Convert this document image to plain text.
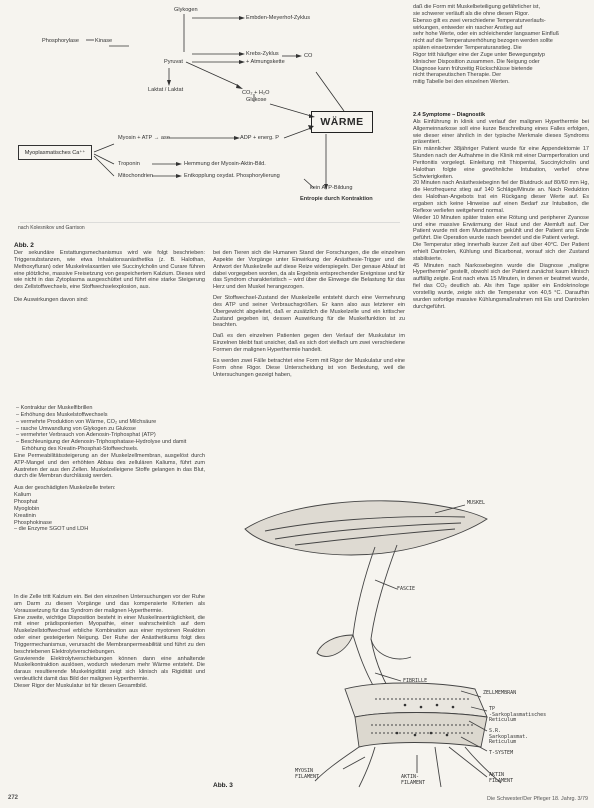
Glykogen
Phosphorylase	Kinase
Embden-Meyerhof-Zyklus
Pyruvat
Krebs-Zyklus
+ Atmungskette
CO
Laktat / Laktat	CO₂ + H₂O
Glukose
WÄRME
Myosin + ATP → ase	ADP + energ. P
Myoplasmatisches Ca⁺⁺
Troponin	Hemmung der Myosin-Aktin-Bild.
Mitochondrien	Entkopplung oxydat. Phosphorylierung
kein ATP-Bildung
Entropie durch Kontraktion
nach Kolesnikov und Garrison
Abb. 2

daß die Form mit Muskelbeteiligung gefährlicher ist,

sie schwerer verläuft als die ohne diesen Rigor.

Ebenso gilt es zwei verschiedene Temperaturverlaufs-

wirkungen, entweder ein rascher Anstieg auf

sehr hohe Werte, oder ein schleichender langsamer Einfluß

nicht auf die Temperaturerhöhung bezogen werden sollte

späten einsetzender Temperaturanstieg. Die

Rigor tritt häufiger eine der Zuge unter Bewegungstyp

klinischer Disposition zusammen. Die Neigung oder

Diagnose kann frühzeitig Rückschlüsse bietende

nicht therapeutischen Therapie. Der

mitig Tabelle bei den einzelnen Werten.

2.4 Symptome – Diagnostik

Als Einführung in klinik und verlauf der malignen Hyperthermie bei Allgemeinnarkose soll eine kurze Beschreibung eines Falles erfolgen, wie dieser einer ähnlich in der typische Merkmale dieses Syndroms präsentiert.

Ein männlicher 38jähriger Patient wurde für eine Appendektomie 17 Stunden nach der Aufnahme in die Klinik mit einer Darmperforation und Peritonitis vorgelegt. Einleitung mit Thiopental, Succinylcholin und Halothan folgte eine gewöhnliche Intubation, verlief ohne Schwierigkeiten.

20 Minuten nach Anästhesiebeginn fiel der Blutdruck auf 80/60 mm Hg, die Herzfrequenz stieg auf 140 Schläge/Minute an. Nach Reduktion des Halothan-Angebots trat ein Rückgang dieser Werte auf. Es ergaben sich keine Hinweise auf einen Bedarf zur Intubation, die Reflexe verliefen weitgehend normal.

Wieder 10 Minuten später traten eine Rötung und peripherer Zyanose und eine massive Erwärmung der Haut und der Atemluft auf. Der Patient wurde mit dem Mundatmen gekühlt und der Patient ans Ende geführt. Die Operation wurde rasch beendet und die Patient verlegt.

Die Temperatur stieg innerhalb kurzer Zeit auf über 40°C. Der Patient erhielt Dantrolen, Kühlung und Bicarbonat, worauf sich der Zustand stabilisierte.

45 Minuten nach Narkosebeginn wurde die Diagnose „maligne Hyperthermie“ gestellt, obwohl sich der Patient zunächst kaum klinisch auffällig zeigte. Erst nach etwa 15 Minuten, in denen er beatmet wurde, fiel das CO₂ deutlich ab. Als ihm Tage später ein Endokrinologe vorstellig wurde, zeigte sich die Temperatur von 40,5 °C. Daraufhin wurden sofortige massive Kühlungsmaßnahmen mit Eis und Dantrolen durchgeführt.

Der sekundäre Erstattungsmechanismus wird wie folgt beschrieben: Triggersubstanzen, wie etwa Inhalationsanästhetika (z. B. Halothan, Methoxyfluran) oder Muskelrelaxantien wie Succinylcholin und Curare führen eine plötzliche, massive Freisetzung von gespeichertem Kalzium. Dieses wird wie nicht in das Zytoplasma ausgeschüttet und führt eine starke Steigerung des Zellstoffwechsels, eine Stoffwechselexplosion, aus.

Die Auswirkungen davon sind:

– Kontraktur der Muskelfibrillen

– Erhöhung des Muskelstoffwechsels

– vermehrte Produktion von Wärme, CO₂ und Milchsäure

– rasche Umwandlung von Glykogen zu Glukose

– vermehrter Verbrauch von Adenosin-Triphosphat (ATP)

– Beschleunigung der Adenosin-Triphosphatase-Hydrolyse und damit Erhöhung des Kreatin-Phosphat-Stoffwechsels.

Eine Permeabilitätssteigerung an der Muskelzellmembran, ausgelöst durch ATP-Mangel und den erhöhten Abbau des zellulären Kaliums, führt zum Austreten der aus den Zellen. Muskelzelleigene Stoffe gelangen in das Blut, durch die Membran durchlässig werden.

Aus der geschädigten Muskelzelle treten:

Kalium

Phosphat

Myoglobin

Kreatinin

Phosphokinase

– die Enzyme SGOT und LDH

In die Zelle tritt Kalzium ein. Bei den einzelnen Untersuchungen vor der Ruhe am Darm zu diesen Vorgänge und das kompensierte Kriterien als Voraussetzung für das Syndrom der malignen Hyperthermie.

Eine zweite, wichtige Disposition besteht in einer Muskelinserträglichkeit, die mit einer prädisponierten Myopathie, einer wahrscheinlich auf dem Muskelzellstoffwechsel erbliche Kombination aus einer myotonen Reaktion oder einer gesteigerten Neigung. Der Ruhe der Anästhetikums folgt dies Triggermechanismus, verursacht die Membranpermeabilität und führt zu den beschriebenen Elektrolytverschiebungen.

Gravierende Elektrolytverschiebungen können dann eine anhaltende Muskelkontraktion auslösen, wodurch wiederum mehr Wärme entsteht. Die daraus resultierende Muskelrigidität zeigt sich klinisch als Rigidität und verdeutlicht damit das Bild der malignen Hyperthermie.

Dieser Rigor der Muskulatur ist für diesen Gesamtbild.

bei den Tieren sich die Humanen Stand der Forschungen, die die einzelnen Aspekte der Vorgänge unter Einwirkung der Anästhesie-Trigger und die Antwort der Muskelzelle auf diese Reize widerspiegeln. Der genaue Ablauf ist dabei vorgegeben worden, da als Ergebnis entsprechender Ereignisse und für das Syndrom charakteristisch – wird über die Einwege die Belastung für das Herz und den Muskel herangezogen.

Der Stoffwechsel-Zustand der Muskelzelle entsteht durch eine Vermehrung des ATP und seiner Verbrauchsgrößen. Er kann also aus letzterer ein Übergewicht abgeleitet, daß er zusätzlich die Muskelzelle und ein kritischer Zustand gegeben ist, dessen Auswirkung für die Muskelfunktion ist zu beachten.

Daß es den einzelnen Patienten gegen den Verlauf der Muskulatur im Einzelnen bleibt fast unsicher, daß es sich dort vielfach um zwei verschiedene Formen der malignen Hyperthermie handelt.

Es werden zwei Fälle betrachtet eine Form mit Rigor der Muskulatur und eine Form ohne Rigor. Diese Unterscheidung ist von Bedeutung, weil die Untersuchungen gezeigt haben,

MUSKEL
FASCIE
FIBRILLE
ZELLMEMBRAN
TP
-Sarkoplasmatisches
Reticulum
S.R.
Sarkoplasmat.
Reticulum
T-SYSTEM
AKTIN
FILAMENT
MYOSIN
FILAMENT	AKTIN-
FILAMENT
Abb. 3
272	Die Schwester/Der Pfleger 18. Jahrg. 3/79
